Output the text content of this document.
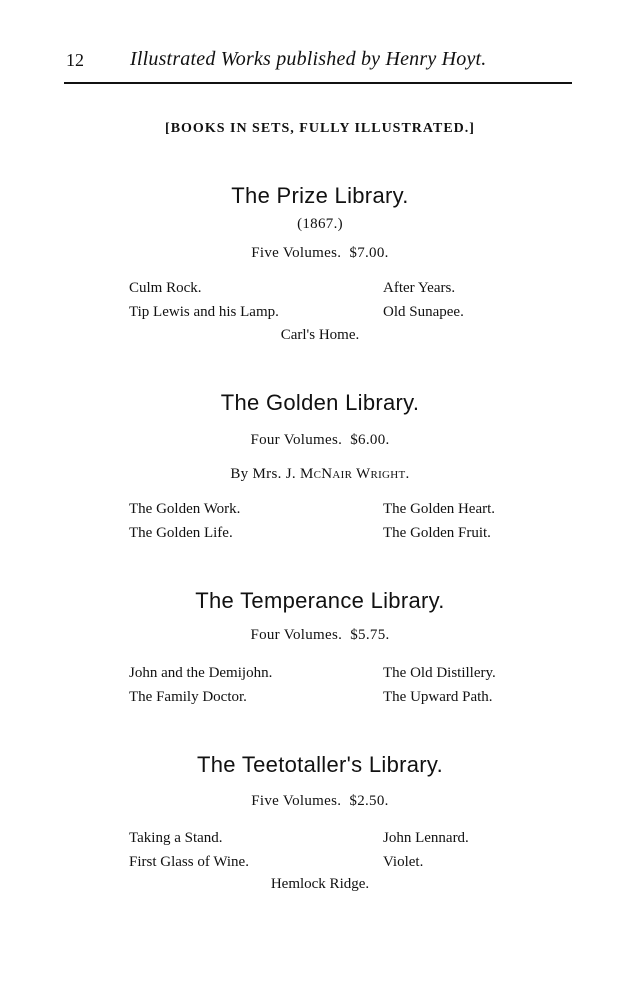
12 Illustrated Works published by Henry Hoyt.
[BOOKS IN SETS, FULLY ILLUSTRATED.]
The Prize Library.
(1867.)
Five Volumes. $7.00.
Culm Rock.
Tip Lewis and his Lamp.
After Years.
Old Sunapee.
Carl's Home.
The Golden Library.
Four Volumes. $6.00.
By Mrs. J. McNair Wright.
The Golden Work.
The Golden Life.
The Golden Heart.
The Golden Fruit.
The Temperance Library.
Four Volumes. $5.75.
John and the Demijohn.
The Family Doctor.
The Old Distillery.
The Upward Path.
The Teetotaller's Library.
Five Volumes. $2.50.
Taking a Stand.
First Glass of Wine.
John Lennard.
Violet.
Hemlock Ridge.
